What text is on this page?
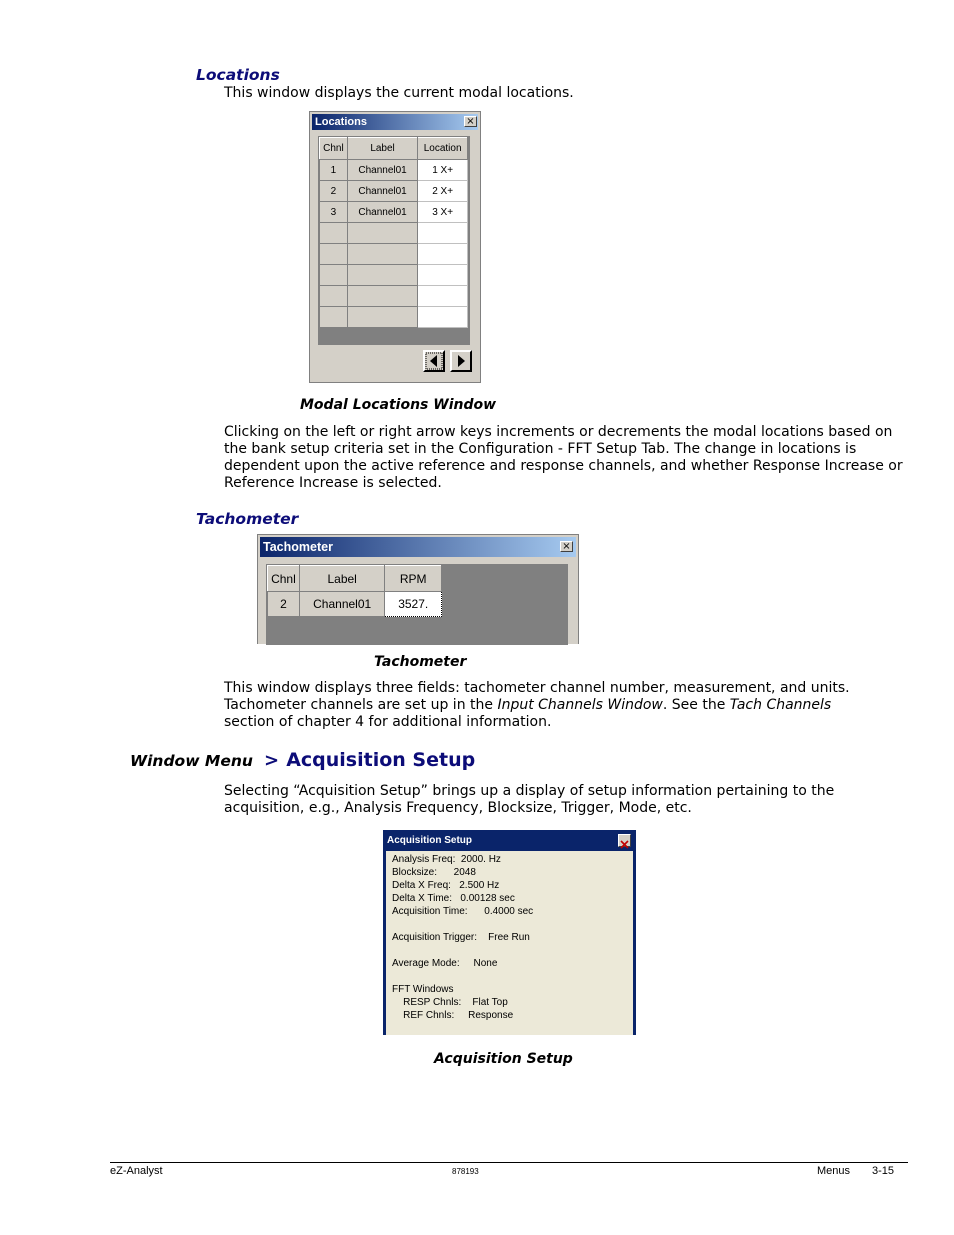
Locations
This window displays the current modal locations.
Locations	×
Chnl	Label	Location
1	Channel01	1 X+
2	Channel01	2 X+
3	Channel01	3 X+

Modal Locations Window
Clicking on the left or right arrow keys increments or decrements the modal locations based on
the bank setup criteria set in the Configuration - FFT Setup Tab. The change in locations is
dependent upon the active reference and response channels, and whether Response Increase or
Reference Increase is selected.
Tachometer
Tachometer	×
Chnl	Label	RPM
2	Channel01	3527.
Tachometer
This window displays three fields: tachometer channel number, measurement, and units.
Tachometer channels are set up in the Input Channels Window. See the Tach Channels
section of chapter 4 for additional information.
Window Menu > Acquisition Setup
Selecting “Acquisition Setup” brings up a display of setup information pertaining to the
acquisition, e.g., Analysis Frequency, Blocksize, Trigger, Mode, etc.
Acquisition Setup
Analysis Freq:  2000. Hz
Blocksize:      2048
Delta X Freq:   2.500 Hz
Delta X Time:   0.00128 sec
Acquisition Time:      0.4000 sec
Acquisition Trigger:    Free Run
Average Mode:     None
FFT Windows
RESP Chnls:    Flat Top
REF Chnls:     Response
Acquisition Setup
eZ-Analyst	878193	Menus 3-15
